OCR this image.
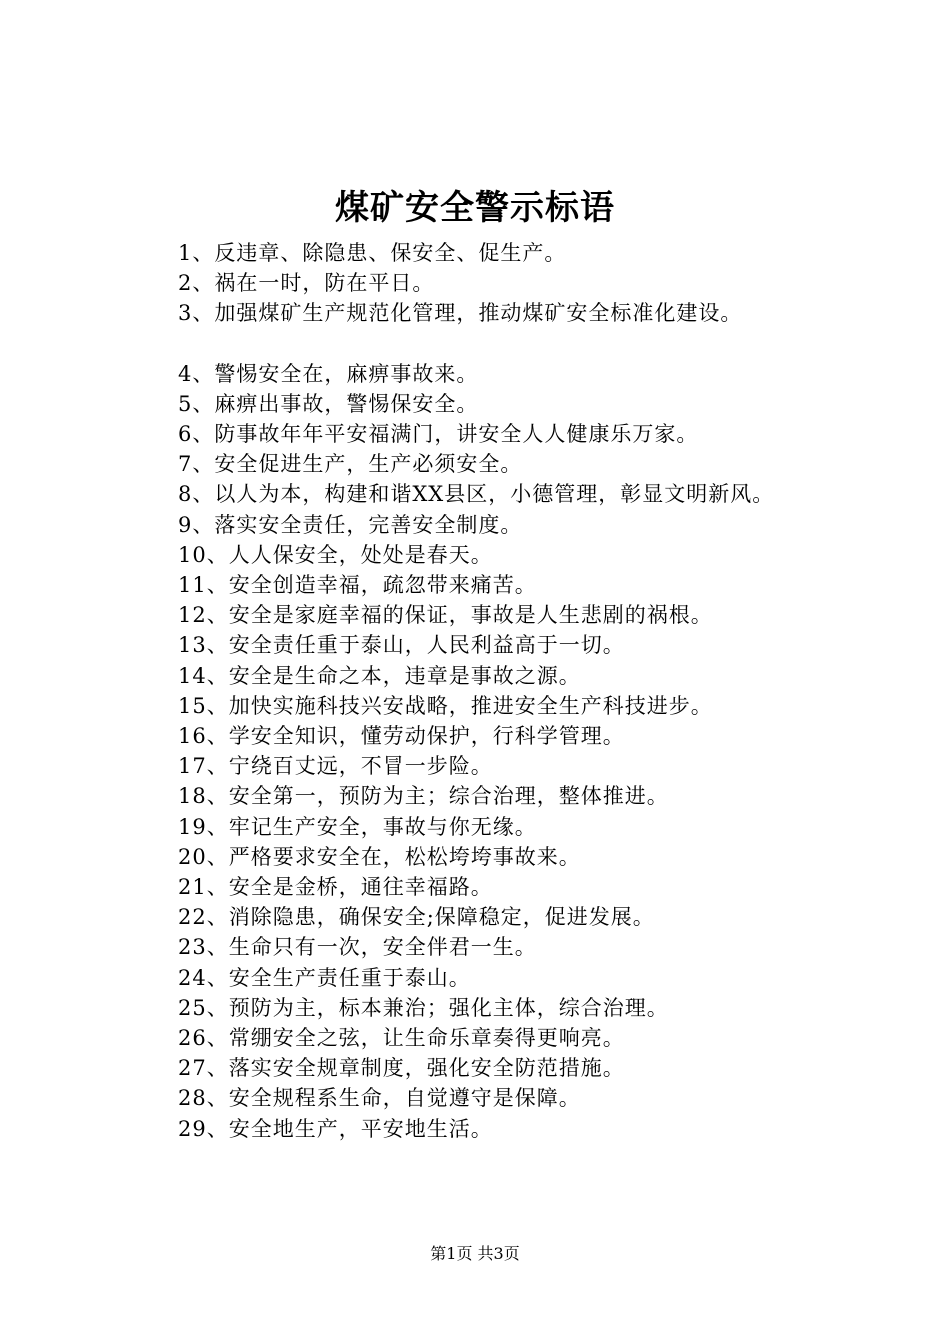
煤矿安全警示标语
1、反违章、除隐患、保安全、促生产。
2、祸在一时，防在平日。
3、加强煤矿生产规范化管理，推动煤矿安全标准化建设。
4、警惕安全在，麻痹事故来。
5、麻痹出事故，警惕保安全。
6、防事故年年平安福满门，讲安全人人健康乐万家。
7、安全促进生产，生产必须安全。
8、以人为本，构建和谐XX县区，小德管理，彰显文明新风。
9、落实安全责任，完善安全制度。
10、人人保安全，处处是春天。
11、安全创造幸福，疏忽带来痛苦。
12、安全是家庭幸福的保证，事故是人生悲剧的祸根。
13、安全责任重于泰山，人民利益高于一切。
14、安全是生命之本，违章是事故之源。
15、加快实施科技兴安战略，推进安全生产科技进步。
16、学安全知识，懂劳动保护，行科学管理。
17、宁绕百丈远，不冒一步险。
18、安全第一，预防为主；综合治理，整体推进。
19、牢记生产安全，事故与你无缘。
20、严格要求安全在，松松垮垮事故来。
21、安全是金桥，通往幸福路。
22、消除隐患，确保安全;保障稳定，促进发展。
23、生命只有一次，安全伴君一生。
24、安全生产责任重于泰山。
25、预防为主，标本兼治；强化主体，综合治理。
26、常绷安全之弦，让生命乐章奏得更响亮。
27、落实安全规章制度，强化安全防范措施。
28、安全规程系生命，自觉遵守是保障。
29、安全地生产，平安地生活。
第1页 共3页
